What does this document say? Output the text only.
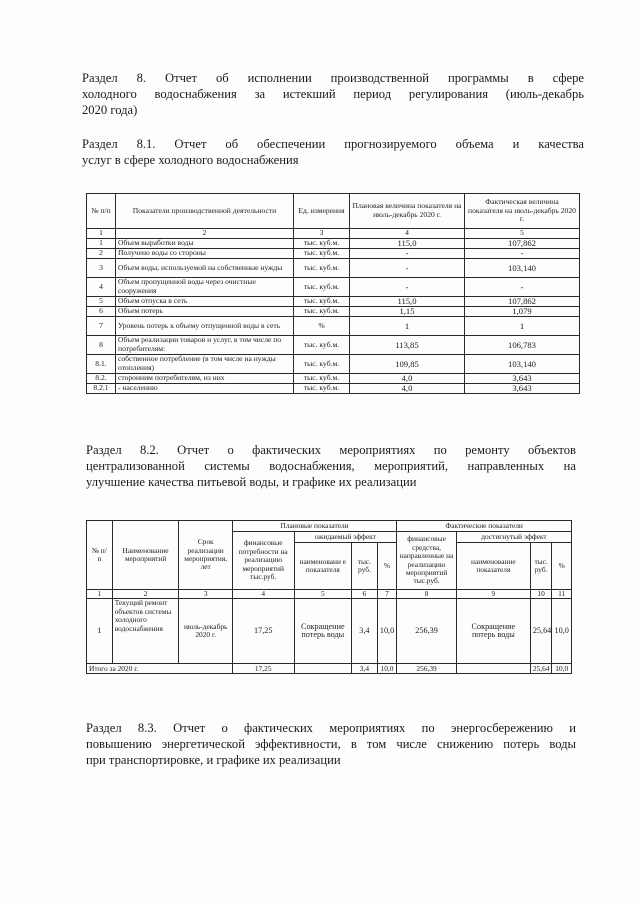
Раздел 8. Отчет об исполнении производственной программы в сфере
холодного водоснабжения за истекший период регулирования (июль-декабрь
2020 года)

Раздел 8.1. Отчет об обеспечении прогнозируемого объема и качества
услуг в сфере холодного водоснабжения

№ п/п	Показатели производственной деятельности	Ед. измерения	Плановая величина показателя на июль-декабрь 2020 г.	Фактическая величина показателя на июль-декабрь 2020 г.
1	2	3	4	5
1	Объем выработки воды	тыс. куб.м.	115,0	107,862
2	Получено воды со стороны	тыс. куб.м.	-	-
3	Объем воды, используемой на собственные нужды	тыс. куб.м.	-	103,140
4	Объем пропущенной воды через очистные сооружения	тыс. куб.м.	-	-
5	Объем отпуска в сеть	тыс. куб.м.	115,0	107,862
6	Объем потерь	тыс. куб.м.	1,15	1,079
7	Уровень потерь к объему отпущенной воды в сеть	%	1	1
8	Объем реализации товаров и услуг, в том числе по потребителям:	тыс. куб.м.	113,85	106,783
8.1.	собственное потребление (в том числе на нужды отопления)	тыс. куб.м.	109,85	103,140
8.2.	сторонним потребителям, из них	тыс. куб.м.	4,0	3,643
8.2.1	- населению	тыс. куб.м.	4,0	3,643

Раздел 8.2. Отчет о фактических мероприятиях по ремонту объектов
централизованной системы водоснабжения, мероприятий, направленных на
улучшение качества питьевой воды, и графике их реализации

№ п/ п	Наименование мероприятий	Срок реализации мероприятия, лет	Плановые показатели				Фактические показатели			
			финансовые потребности на реализацию мероприятий тыс.руб.	ожидаемый эффект			финансовые средства, направленные на реализацию мероприятий тыс.руб.	достигнутый эффект		
				наименовани е показателя	тыс. руб.	%		наименование показателя	тыс. руб.	%
1	2	3	4	5	6	7	8	9	10	11
1	Текущий ремонт объектов системы холодного водоснабжения	июль-декабрь 2020 г.	17,25	Сокращение потерь воды	3,4	10,0	256,39	Сокращение потерь воды	25,64	10,0
Итого за 2020 г.			17,25		3,4	10,0	256,39		25,64	10,0

Раздел 8.3. Отчет о фактических мероприятиях по энергосбережению и
повышению энергетической эффективности, в том числе снижению потерь воды
при транспортировке, и графике их реализации
